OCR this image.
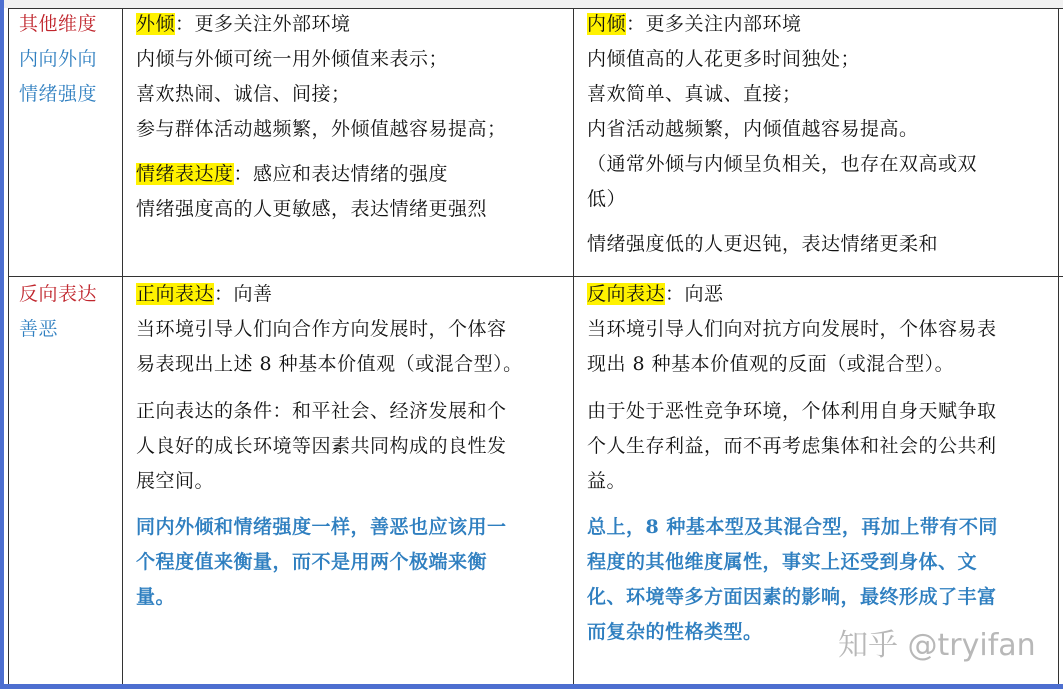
其他维度
内向外向
情绪强度
外倾：更多关注外部环境
内倾与外倾可统一用外倾值来表示；
喜欢热闹、诚信、间接；
参与群体活动越频繁，外倾值越容易提高；
情绪表达度：感应和表达情绪的强度
情绪强度高的人更敏感，表达情绪更强烈
内倾：更多关注内部环境
内倾值高的人花更多时间独处；
喜欢简单、真诚、直接；
内省活动越频繁，内倾值越容易提高。
（通常外倾与内倾呈负相关，也存在双高或双
低）
情绪强度低的人更迟钝，表达情绪更柔和
反向表达
善恶
正向表达：向善
当环境引导人们向合作方向发展时，个体容
易表现出上述 8 种基本价值观（或混合型）。
正向表达的条件：和平社会、经济发展和个
人良好的成长环境等因素共同构成的良性发
展空间。
同内外倾和情绪强度一样，善恶也应该用一
个程度值来衡量，而不是用两个极端来衡
量。
反向表达：向恶
当环境引导人们向对抗方向发展时，个体容易表
现出 8 种基本价值观的反面（或混合型）。
由于处于恶性竞争环境，个体利用自身天赋争取
个人生存利益，而不再考虑集体和社会的公共利
益。
总上，8 种基本型及其混合型，再加上带有不同
程度的其他维度属性，事实上还受到身体、文
化、环境等多方面因素的影响，最终形成了丰富
而复杂的性格类型。	知乎 @tryifan
